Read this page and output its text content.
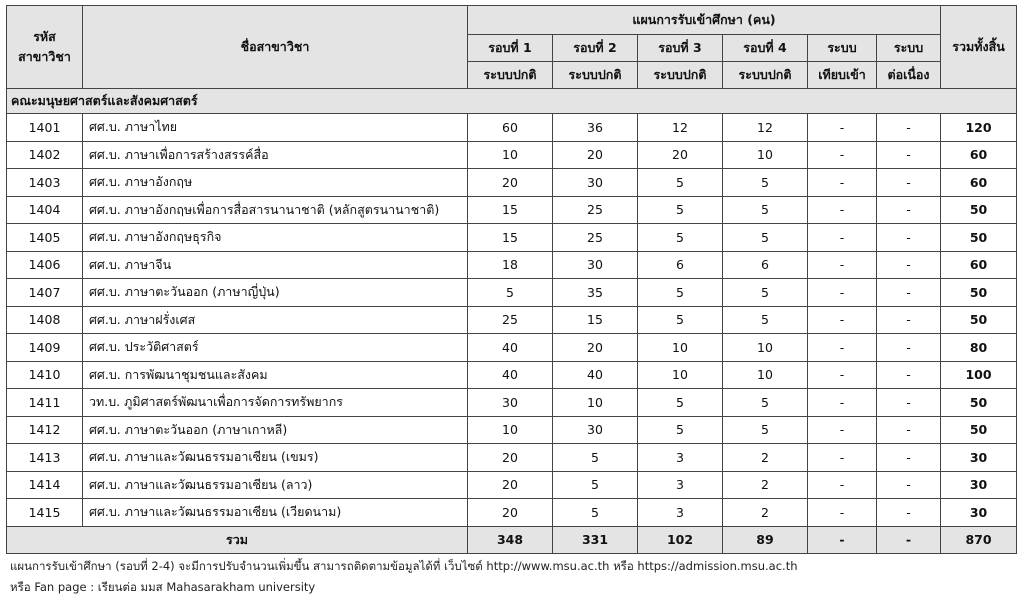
รหัส
สาขาวิชา	ชื่อสาขาวิชา	แผนการรับเข้าศึกษา (คน)						รวมทั้งสิ้น
		รอบที่ 1	รอบที่ 2	รอบที่ 3	รอบที่ 4	ระบบ	ระบบ	
		ระบบปกติ	ระบบปกติ	ระบบปกติ	ระบบปกติ	เทียบเข้า	ต่อเนื่อง	
คณะมนุษยศาสตร์และสังคมศาสตร์								
1401	ศศ.บ. ภาษาไทย	60	36	12	12	-	-	120
1402	ศศ.บ. ภาษาเพื่อการสร้างสรรค์สื่อ	10	20	20	10	-	-	60
1403	ศศ.บ. ภาษาอังกฤษ	20	30	5	5	-	-	60
1404	ศศ.บ. ภาษาอังกฤษเพื่อการสื่อสารนานาชาติ (หลักสูตรนานาชาติ)	15	25	5	5	-	-	50
1405	ศศ.บ. ภาษาอังกฤษธุรกิจ	15	25	5	5	-	-	50
1406	ศศ.บ. ภาษาจีน	18	30	6	6	-	-	60
1407	ศศ.บ. ภาษาตะวันออก (ภาษาญี่ปุ่น)	5	35	5	5	-	-	50
1408	ศศ.บ. ภาษาฝรั่งเศส	25	15	5	5	-	-	50
1409	ศศ.บ. ประวัติศาสตร์	40	20	10	10	-	-	80
1410	ศศ.บ. การพัฒนาชุมชนและสังคม	40	40	10	10	-	-	100
1411	วท.บ. ภูมิศาสตร์พัฒนาเพื่อการจัดการทรัพยากร	30	10	5	5	-	-	50
1412	ศศ.บ. ภาษาตะวันออก (ภาษาเกาหลี)	10	30	5	5	-	-	50
1413	ศศ.บ. ภาษาและวัฒนธรรมอาเซียน (เขมร)	20	5	3	2	-	-	30
1414	ศศ.บ. ภาษาและวัฒนธรรมอาเซียน (ลาว)	20	5	3	2	-	-	30
1415	ศศ.บ. ภาษาและวัฒนธรรมอาเซียน (เวียดนาม)	20	5	3	2	-	-	30
รวม		348	331	102	89	-	-	870
แผนการรับเข้าศึกษา (รอบที่ 2-4) จะมีการปรับจำนวนเพิ่มขึ้น สามารถติดตามข้อมูลได้ที่ เว็บไซต์ http://www.msu.ac.th หรือ https://admission.msu.ac.th
หรือ Fan page : เรียนต่อ มมส Mahasarakham university
